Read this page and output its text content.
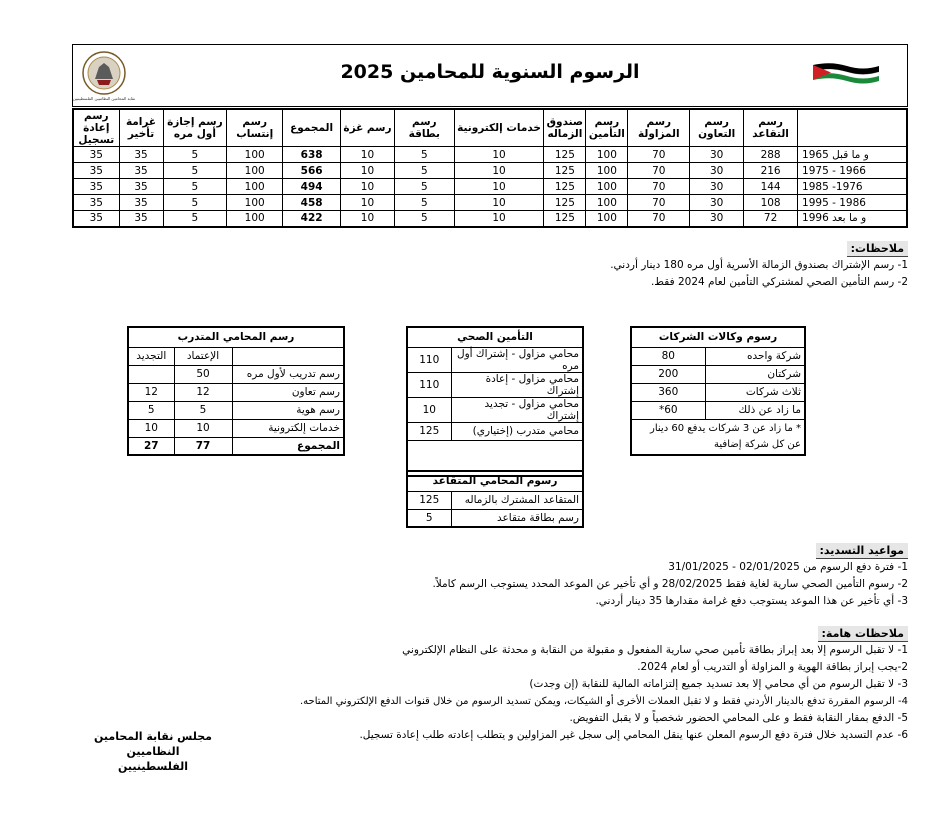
نقابة المحامين النظاميين الفلسطينيين
الرسوم السنوية للمحامين 2025
	رسم التقاعد	رسم التعاون	رسم المزاولة	رسم التأمين	صندوق الزماله	خدمات إلكترونية	رسم بطاقة	رسم غزة	المجموع	رسم إنتساب	رسم إجازة أول مره	غرامة تأخير	رسم إعادة تسجيل
1965 و ما قبل	288	30	70	100	125	10	5	10	638	100	5	35	35
1975 - 1966	216	30	70	100	125	10	5	10	566	100	5	35	35
1985 -1976	144	30	70	100	125	10	5	10	494	100	5	35	35
1995 - 1986	108	30	70	100	125	10	5	10	458	100	5	35	35
1996 و ما بعد	72	30	70	100	125	10	5	10	422	100	5	35	35
ملاحظات:
1- رسم الإشتراك بصندوق الزمالة الأسرية أول مره 180 دينار أردني.
2- رسم التأمين الصحي لمشتركي التأمين لعام 2024 فقط.
رسوم وكالات الشركات	
شركة واحده	80
شركتان	200
ثلاث شركات	360
ما زاد عن ذلك	60*
* ما زاد عن 3 شركات يدفع 60 دينار عن كل شركة إضافية	
التأمين الصحي	
محامي مزاول - إشتراك أول مره	110
محامي مزاول - إعادة إشتراك	110
محامي مزاول - تجديد إشتراك	10
محامي متدرب (إختياري)	125

رسم المحامي المتدرب		
	الإعتماد	التجديد
رسم تدريب لأول مره	50	
رسم تعاون	12	12
رسم هوية	5	5
خدمات إلكترونية	10	10
المجموع	77	27
رسوم المحامي المتقاعد	
المتقاعد المشترك بالزماله	125
رسم بطاقة متقاعد	5
مواعيد التسديد:
1- فترة دفع الرسوم من 02/01/2025 - 31/01/2025
2- رسوم التأمين الصحي سارية لغاية فقط 28/02/2025 و أي تأخير عن الموعد المحدد يستوجب الرسم كاملاً.
3- أي تأخير عن هذا الموعد يستوجب دفع غرامة مقدارها 35 دينار أردني.
ملاحظات هامة:
1- لا تقبل الرسوم إلا بعد إبراز بطاقة تأمين صحي سارية المفعول و مقبولة من النقابة و محدثة على النظام الإلكتروني
2-يجب إبراز بطاقة الهوية و المزاولة أو التدريب أو لعام 2024.
3- لا تقبل الرسوم من أي محامي إلا بعد تسديد جميع إلتزاماته المالية للنقابة (إن وجدت)
4- الرسوم المقررة تدفع بالدينار الأردني فقط و لا تقبل العملات الأخرى أو الشيكات، ويمكن تسديد الرسوم من خلال قنوات الدفع الإلكتروني المتاحه.
5- الدفع بمقار النقابة فقط و على المحامي الحضور شخصياً و لا يقبل التفويض.
6- عدم التسديد خلال فترة دفع الرسوم المعلن عنها ينقل المحامي إلى سجل غير المزاولين و يتطلب إعادته طلب إعادة تسجيل.
مجلس نقابة المحامين النظاميين
الفلسطينيين
